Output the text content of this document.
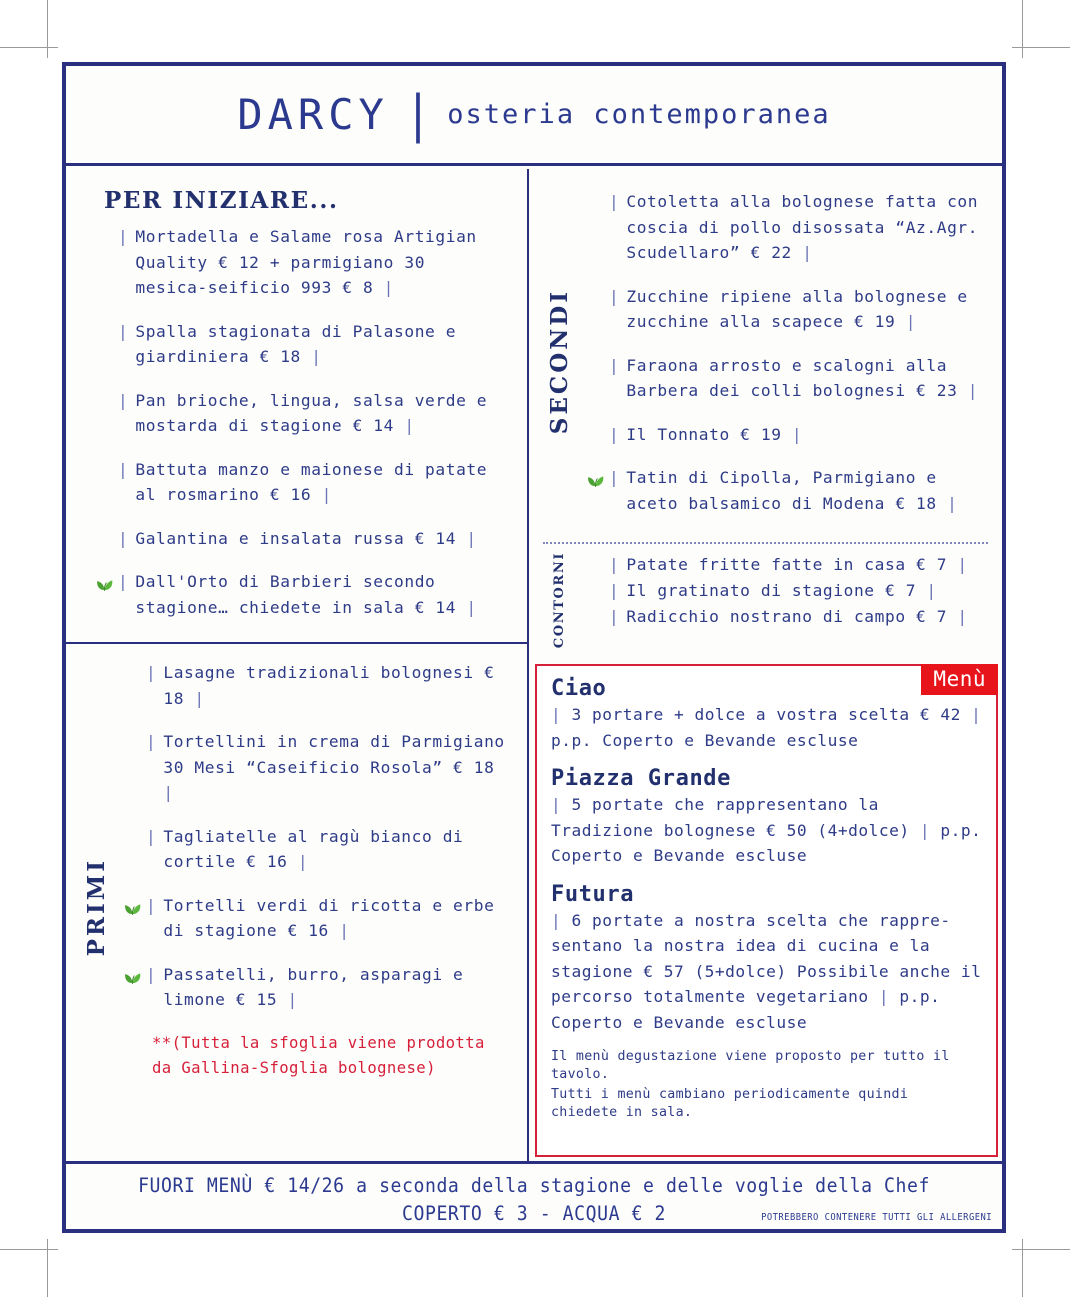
DARCY | osteria contemporanea
PER INIZIARE...
| Mortadella e Salame rosa Artigian Quality € 12 + parmigiano 30 mesica-seificio 993 € 8 |
| Spalla stagionata di Palasone e giardiniera € 18 |
| Pan brioche, lingua, salsa verde e mostarda di stagione € 14 |
| Battuta manzo e maionese di patate al rosmarino € 16 |
| Galantina e insalata russa € 14 |
| Dall'Orto di Barbieri secondo stagione… chiedete in sala € 14 |
PRIMI
| Lasagne tradizionali bolognesi € 18 |
| Tortellini in crema di Parmigiano 30 Mesi “Caseificio Rosola” € 18 |
| Tagliatelle al ragù bianco di cortile € 16 |
| Tortelli verdi di ricotta e erbe di stagione € 16 |
| Passatelli, burro, asparagi e limone € 15 |
**(Tutta la sfoglia viene prodotta da Gallina-Sfoglia bolognese)
SECONDI
| Cotoletta alla bolognese fatta con coscia di pollo disossata “Az.Agr. Scudellaro” € 22 |
| Zucchine ripiene alla bolognese e zucchine alla scapece € 19 |
| Faraona arrosto e scalogni alla Barbera dei colli bolognesi € 23 |
| Il Tonnato € 19 |
| Tatin di Cipolla, Parmigiano e aceto balsamico di Modena € 18 |
CONTORNI	| Patate fritte fatte in casa € 7 |
| Il gratinato di stagione € 7 |
| Radicchio nostrano di campo € 7 |
Menù
Ciao
| 3 portare + dolce a vostra scelta € 42 | p.p. Coperto e Bevande escluse
Piazza Grande
| 5 portate che rappresentano la Tradizione bolognese € 50 (4+dolce) | p.p. Coperto e Bevande escluse
Futura
| 6 portate a nostra scelta che rappre-sentano la nostra idea di cucina e la stagione € 57 (5+dolce) Possibile anche il percorso totalmente vegetariano | p.p. Coperto e Bevande escluse

Il menù degustazione viene proposto per tutto il tavolo.

Tutti i menù cambiano periodicamente quindi chiedete in sala.

FUORI MENÙ € 14/26 a seconda della stagione e delle voglie della Chef
COPERTO € 3 - ACQUA € 2	POTREBBERO CONTENERE TUTTI GLI ALLERGENI
